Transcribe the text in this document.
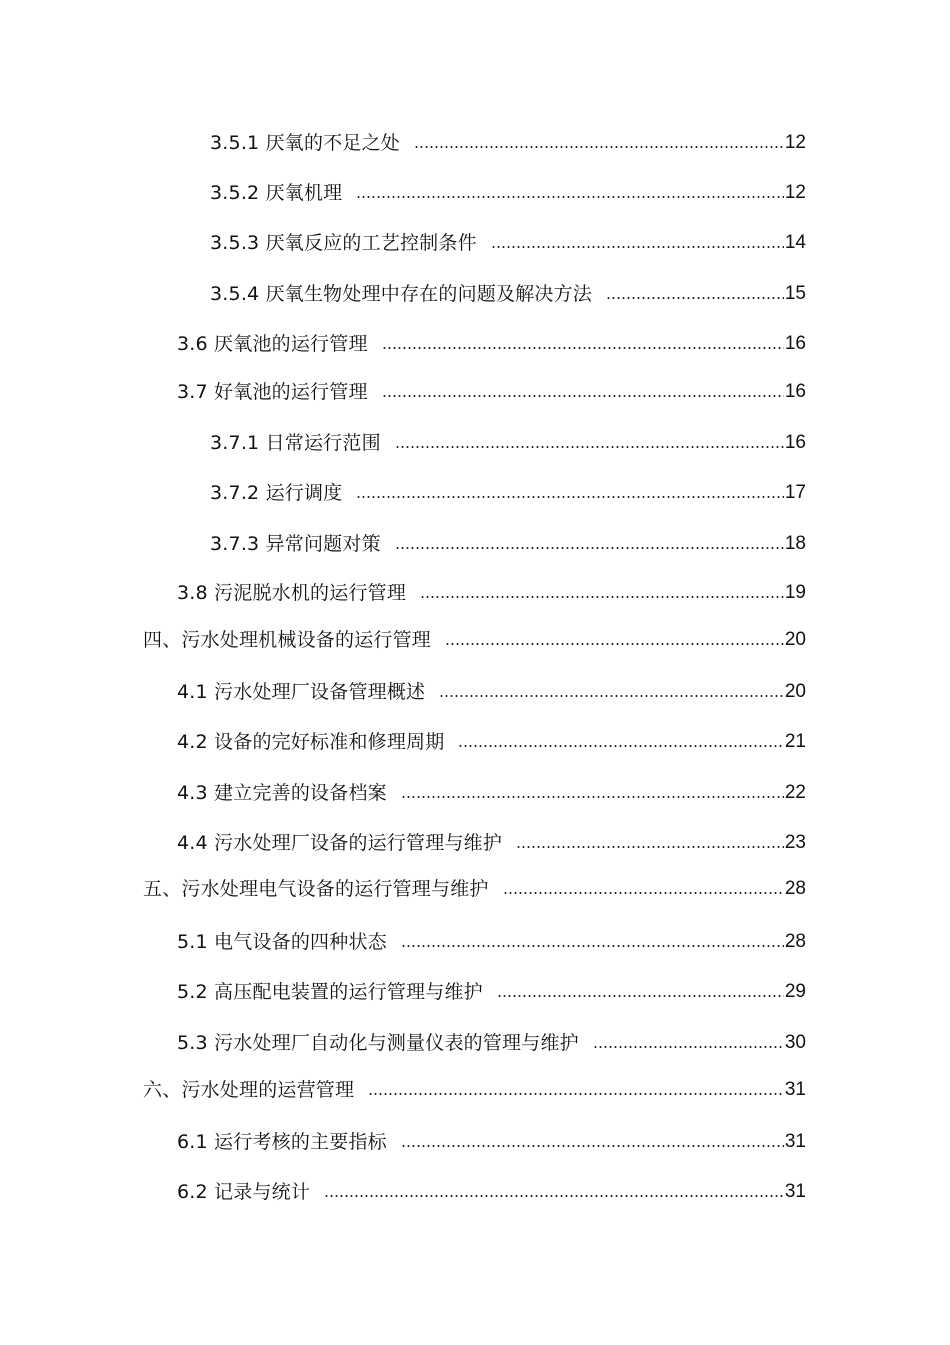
3.5.1 厌氧的不足之处	12
3.5.2 厌氧机理	12
3.5.3 厌氧反应的工艺控制条件	14
3.5.4 厌氧生物处理中存在的问题及解决方法	15
3.6 厌氧池的运行管理	16
3.7 好氧池的运行管理	16
3.7.1 日常运行范围	16
3.7.2 运行调度	17
3.7.3 异常问题对策	18
3.8 污泥脱水机的运行管理	19
四、污水处理机械设备的运行管理	20
4.1 污水处理厂设备管理概述	20
4.2 设备的完好标准和修理周期	21
4.3 建立完善的设备档案	22
4.4 污水处理厂设备的运行管理与维护	23
五、污水处理电气设备的运行管理与维护	28
5.1 电气设备的四种状态	28
5.2 高压配电装置的运行管理与维护	29
5.3 污水处理厂自动化与测量仪表的管理与维护	30
六、污水处理的运营管理	31
6.1 运行考核的主要指标	31
6.2 记录与统计	31
